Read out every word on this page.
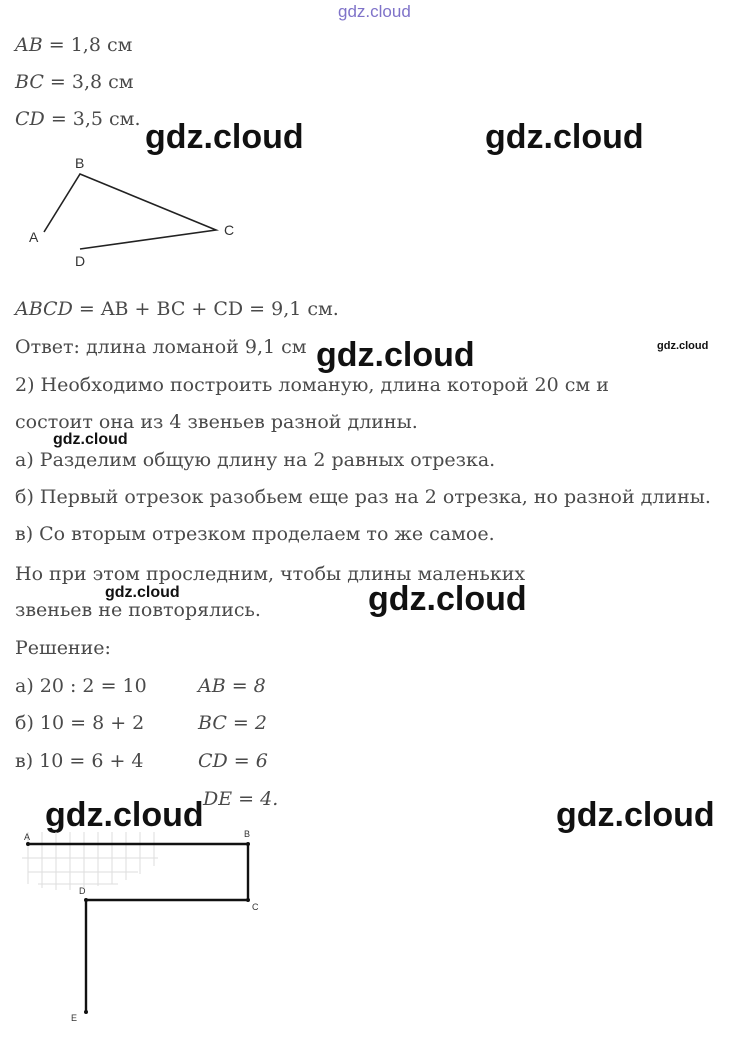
gdz.cloud
AB = 1,8 см
BC = 3,8 см
CD = 3,5 см. gdz.cloud	gdz.cloud
A
B
C
D
ABCD = AB + BC + CD = 9,1 см.
Ответ: длина ломаной 9,1 см gdz.cloud	gdz.cloud
2) Необходимо построить ломаную, длина которой 20 см и
состоит она из 4 звеньев разной длины.
gdz.cloud
а) Разделим общую длину на 2 равных отрезка.
б) Первый отрезок разобьем еще раз на 2 отрезка, но разной длины.
в) Со вторым отрезком проделаем то же самое.
Но при этом проследним, чтобы длины маленьких
gdz.cloud
звеньев не повторялись.	gdz.cloud
Решение:
а) 20 : 2 = 10	AB = 8
б) 10 = 8 + 2	BC = 2
в) 10 = 6 + 4	CD = 6
DE = 4.
gdz.cloud	gdz.cloud
A	B
C
D
E
